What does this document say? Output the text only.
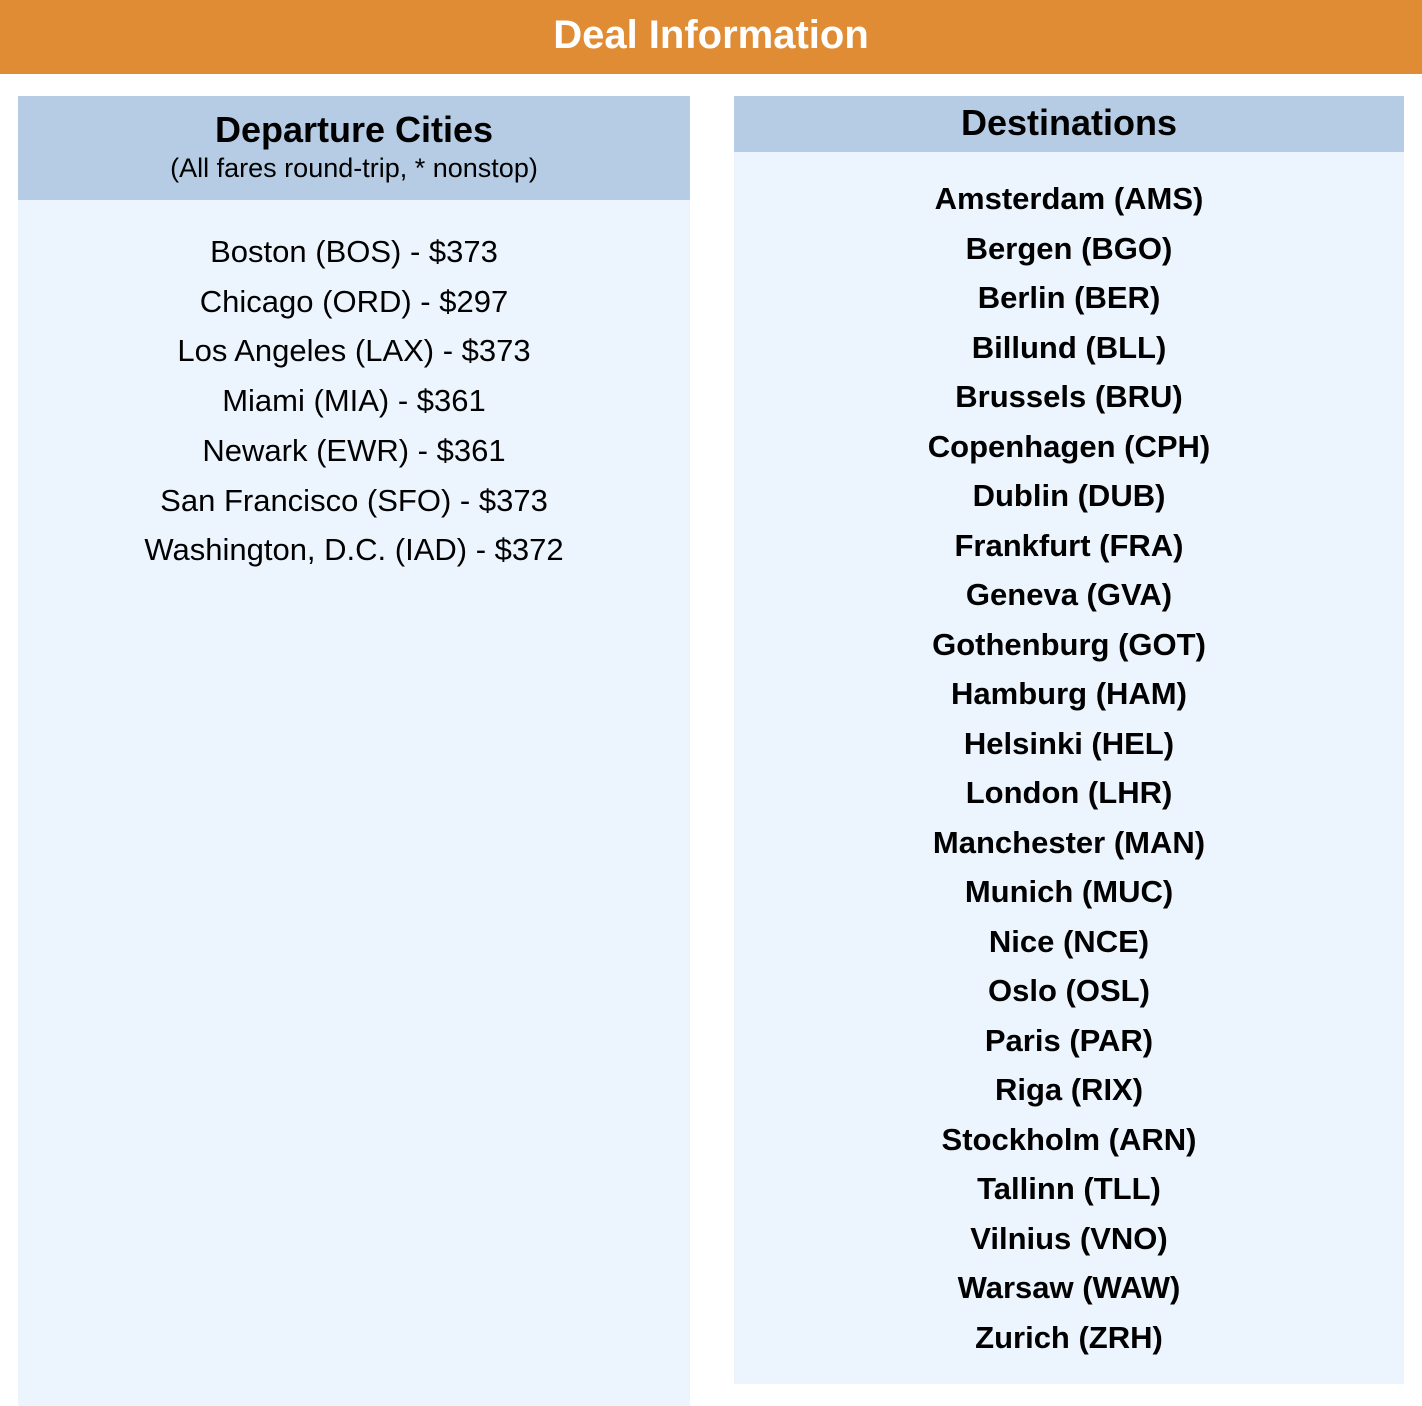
Deal Information
Departure Cities
(All fares round-trip, * nonstop)
Boston (BOS) - $373
Chicago (ORD) - $297
Los Angeles (LAX) - $373
Miami (MIA) - $361
Newark (EWR) - $361
San Francisco (SFO) - $373
Washington, D.C. (IAD) - $372
Destinations
Amsterdam (AMS)
Bergen (BGO)
Berlin (BER)
Billund (BLL)
Brussels (BRU)
Copenhagen (CPH)
Dublin (DUB)
Frankfurt (FRA)
Geneva (GVA)
Gothenburg (GOT)
Hamburg (HAM)
Helsinki (HEL)
London (LHR)
Manchester (MAN)
Munich (MUC)
Nice (NCE)
Oslo (OSL)
Paris (PAR)
Riga (RIX)
Stockholm (ARN)
Tallinn (TLL)
Vilnius (VNO)
Warsaw (WAW)
Zurich (ZRH)
